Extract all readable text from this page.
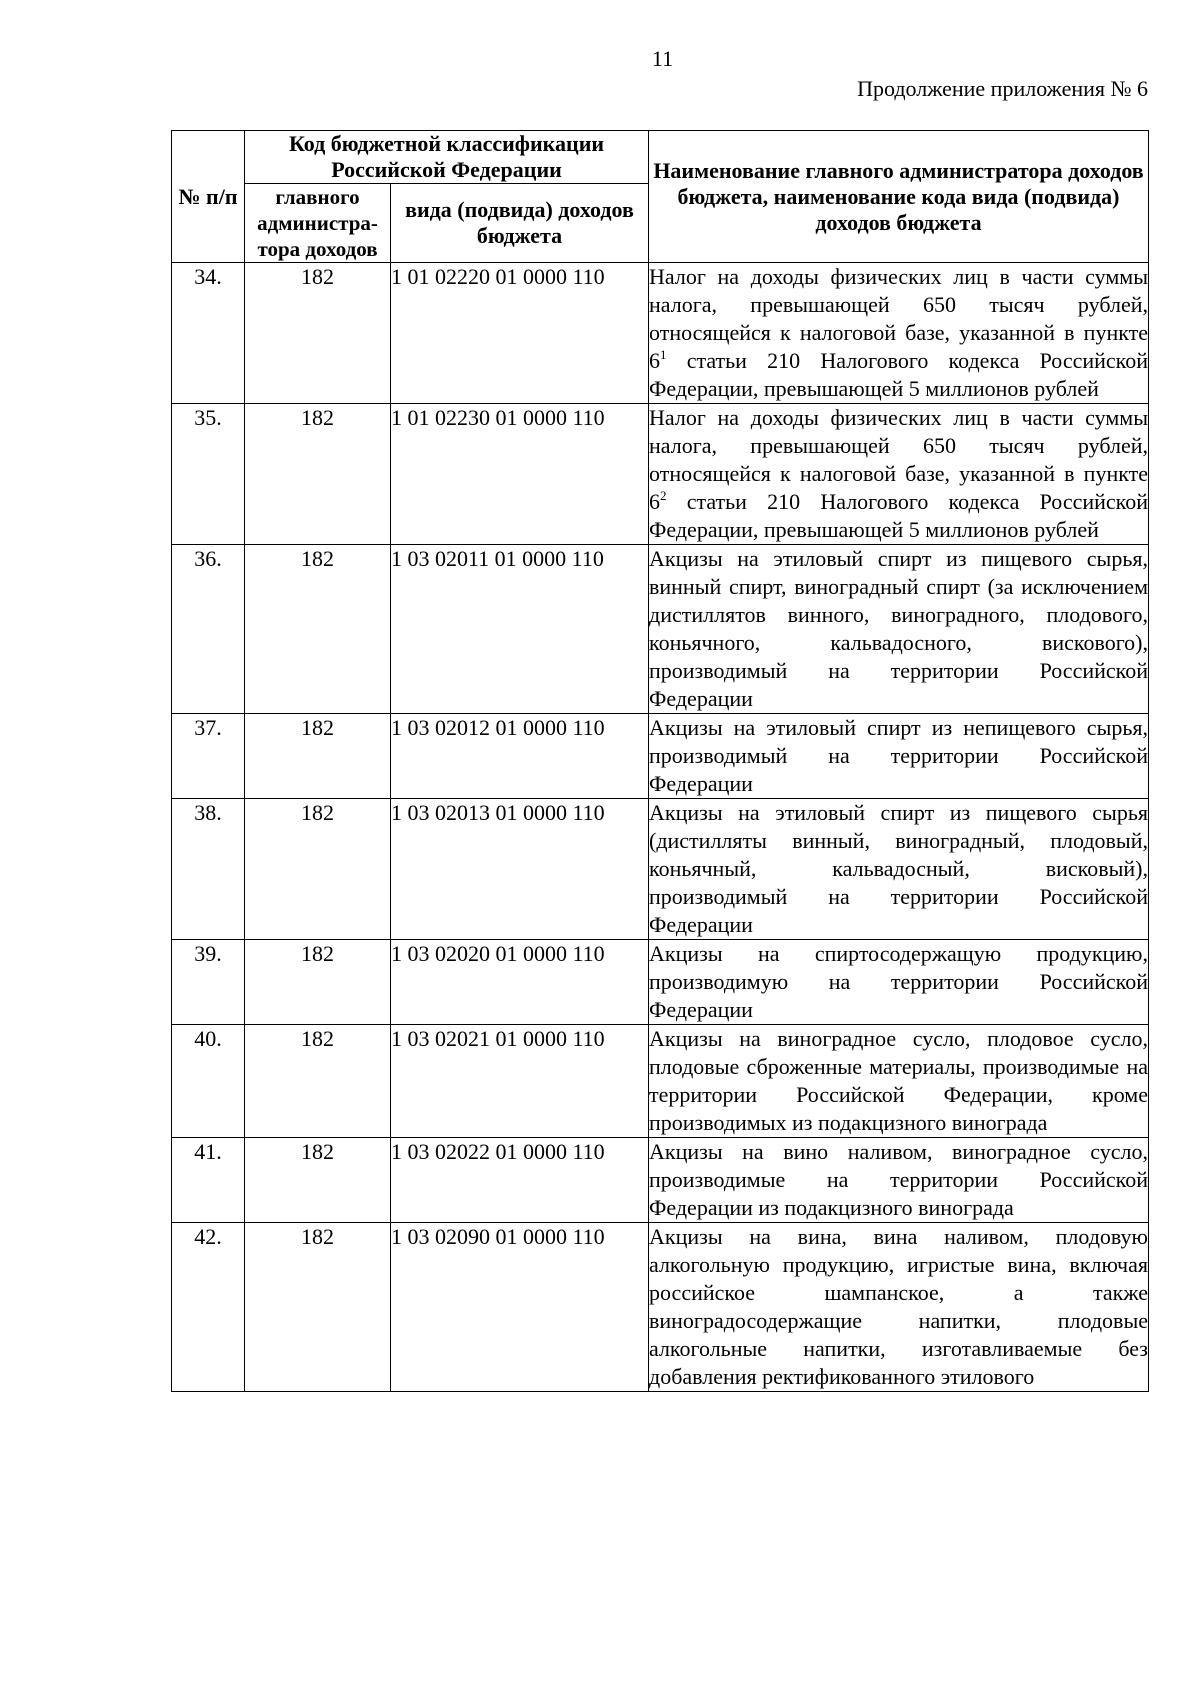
11
Продолжение приложения № 6
№ п/п	Код бюджетной классификации Российской Федерации		Наименование главного администратора доходов бюджета, наименование кода вида (подвида) доходов бюджета
	главного администра-тора доходов	вида (подвида) доходов бюджета	
34.	182	1 01 02220 01 0000 110	Налог на доходы физических лиц в части суммы налога, превышающей 650 тысяч рублей, относящейся к налоговой базе, указанной в пункте $6^1$ статьи 210 Налогового кодекса Российской Федерации, превышающей 5 миллионов рублей
35.	182	1 01 02230 01 0000 110	Налог на доходы физических лиц в части суммы налога, превышающей 650 тысяч рублей, относящейся к налоговой базе, указанной в пункте $6^2$ статьи 210 Налогового кодекса Российской Федерации, превышающей 5 миллионов рублей
36.	182	1 03 02011 01 0000 110	Акцизы на этиловый спирт из пищевого сырья, винный спирт, виноградный спирт (за исключением дистиллятов винного, виноградного, плодового, коньячного, кальвадосного, вискового), производимый на территории Российской Федерации
37.	182	1 03 02012 01 0000 110	Акцизы на этиловый спирт из непищевого сырья, производимый на территории Российской Федерации
38.	182	1 03 02013 01 0000 110	Акцизы на этиловый спирт из пищевого сырья (дистилляты винный, виноградный, плодовый, коньячный, кальвадосный, висковый), производимый на территории Российской Федерации
39.	182	1 03 02020 01 0000 110	Акцизы на спиртосодержащую продукцию, производимую на территории Российской Федерации
40.	182	1 03 02021 01 0000 110	Акцизы на виноградное сусло, плодовое сусло, плодовые сброженные материалы, производимые на территории Российской Федерации, кроме производимых из подакцизного винограда
41.	182	1 03 02022 01 0000 110	Акцизы на вино наливом, виноградное сусло, производимые на территории Российской Федерации из подакцизного винограда
42.	182	1 03 02090 01 0000 110	Акцизы на вина, вина наливом, плодовую алкогольную продукцию, игристые вина, включая российское шампанское, а также виноградосодержащие напитки, плодовые алкогольные напитки, изготавливаемые без добавления ректификованного этилового
